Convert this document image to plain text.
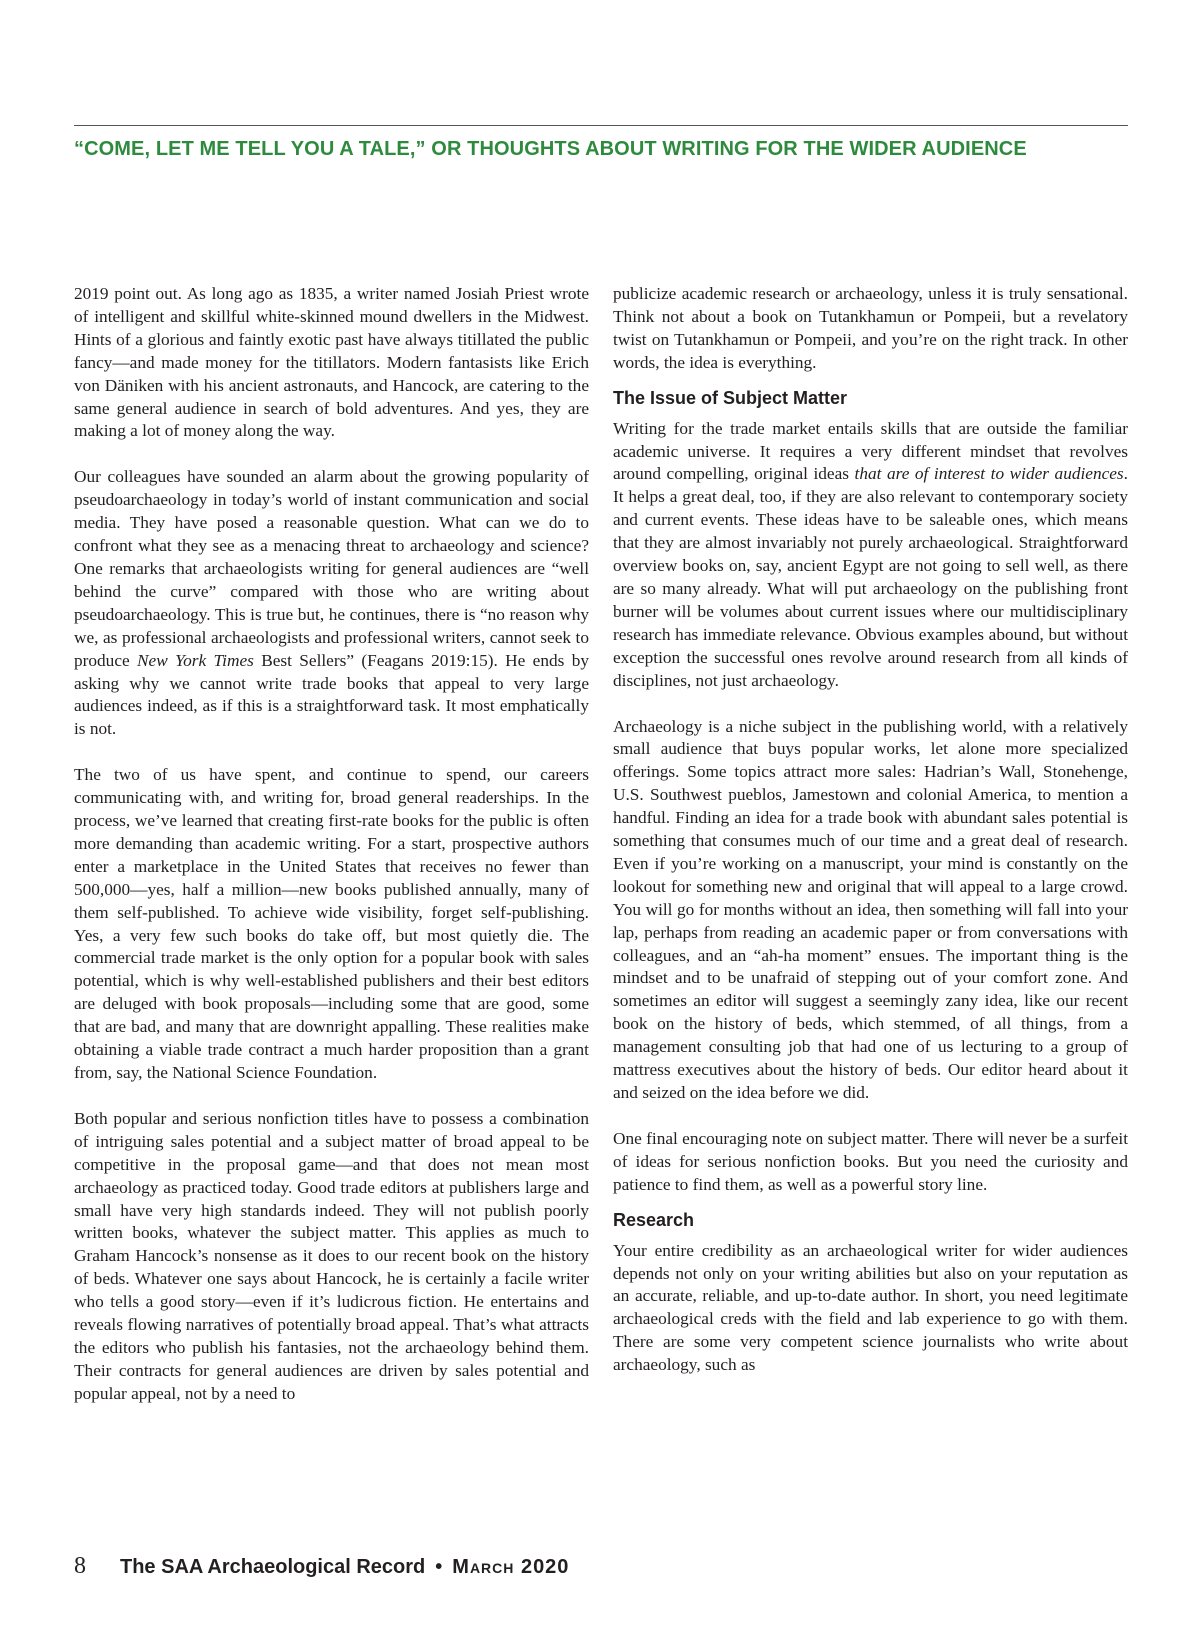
“COME, LET ME TELL YOU A TALE,” OR THOUGHTS ABOUT WRITING FOR THE WIDER AUDIENCE

2019 point out. As long ago as 1835, a writer named Josiah Priest wrote of intelligent and skillful white-skinned mound dwellers in the Midwest. Hints of a glorious and faintly exotic past have always titillated the public fancy—and made money for the titillators. Modern fantasists like Erich von Däniken with his ancient astronauts, and Hancock, are catering to the same general audience in search of bold adventures. And yes, they are making a lot of money along the way.

Our colleagues have sounded an alarm about the growing popularity of pseudoarchaeology in today’s world of instant communication and social media. They have posed a reasonable question. What can we do to confront what they see as a menacing threat to archaeology and science? One remarks that archaeologists writing for general audiences are “well behind the curve” compared with those who are writing about pseudoarchaeology. This is true but, he continues, there is “no reason why we, as professional archaeologists and professional writers, cannot seek to produce New York Times Best Sellers” (Feagans 2019:15). He ends by asking why we cannot write trade books that appeal to very large audiences indeed, as if this is a straightforward task. It most emphatically is not.

The two of us have spent, and continue to spend, our careers communicating with, and writing for, broad general readerships. In the process, we’ve learned that creating first-rate books for the public is often more demanding than academic writing. For a start, prospective authors enter a marketplace in the United States that receives no fewer than 500,000—yes, half a million—new books published annually, many of them self-published. To achieve wide visibility, forget self-publishing. Yes, a very few such books do take off, but most quietly die. The commercial trade market is the only option for a popular book with sales potential, which is why well-established publishers and their best editors are deluged with book proposals—including some that are good, some that are bad, and many that are downright appalling. These realities make obtaining a viable trade contract a much harder proposition than a grant from, say, the National Science Foundation.

Both popular and serious nonfiction titles have to possess a combination of intriguing sales potential and a subject matter of broad appeal to be competitive in the proposal game—and that does not mean most archaeology as practiced today. Good trade editors at publishers large and small have very high standards indeed. They will not publish poorly written books, whatever the subject matter. This applies as much to Graham Hancock’s nonsense as it does to our recent book on the history of beds. Whatever one says about Hancock, he is certainly a facile writer who tells a good story—even if it’s ludicrous fiction. He entertains and reveals flowing narratives of potentially broad appeal. That’s what attracts the editors who publish his fantasies, not the archaeology behind them. Their contracts for general audiences are driven by sales potential and popular appeal, not by a need to

publicize academic research or archaeology, unless it is truly sensational. Think not about a book on Tutankhamun or Pompeii, but a revelatory twist on Tutankhamun or Pompeii, and you’re on the right track. In other words, the idea is everything.

The Issue of Subject Matter

Writing for the trade market entails skills that are outside the familiar academic universe. It requires a very different mindset that revolves around compelling, original ideas that are of interest to wider audiences. It helps a great deal, too, if they are also relevant to contemporary society and current events. These ideas have to be saleable ones, which means that they are almost invariably not purely archaeological. Straightforward overview books on, say, ancient Egypt are not going to sell well, as there are so many already. What will put archaeology on the publishing front burner will be volumes about current issues where our multidisciplinary research has immediate relevance. Obvious examples abound, but without exception the successful ones revolve around research from all kinds of disciplines, not just archaeology.

Archaeology is a niche subject in the publishing world, with a relatively small audience that buys popular works, let alone more specialized offerings. Some topics attract more sales: Hadrian’s Wall, Stonehenge, U.S. Southwest pueblos, Jamestown and colonial America, to mention a handful. Finding an idea for a trade book with abundant sales potential is something that consumes much of our time and a great deal of research. Even if you’re working on a manuscript, your mind is constantly on the lookout for something new and original that will appeal to a large crowd. You will go for months without an idea, then something will fall into your lap, perhaps from reading an academic paper or from conversations with colleagues, and an “ah-ha moment” ensues. The important thing is the mindset and to be unafraid of stepping out of your comfort zone. And sometimes an editor will suggest a seemingly zany idea, like our recent book on the history of beds, which stemmed, of all things, from a management consulting job that had one of us lecturing to a group of mattress executives about the history of beds. Our editor heard about it and seized on the idea before we did.

One final encouraging note on subject matter. There will never be a surfeit of ideas for serious nonfiction books. But you need the curiosity and patience to find them, as well as a powerful story line.

Research

Your entire credibility as an archaeological writer for wider audiences depends not only on your writing abilities but also on your reputation as an accurate, reliable, and up-to-date author. In short, you need legitimate archaeological creds with the field and lab experience to go with them. There are some very competent science journalists who write about archaeology, such as

8 The SAA Archaeological Record • March 2020
